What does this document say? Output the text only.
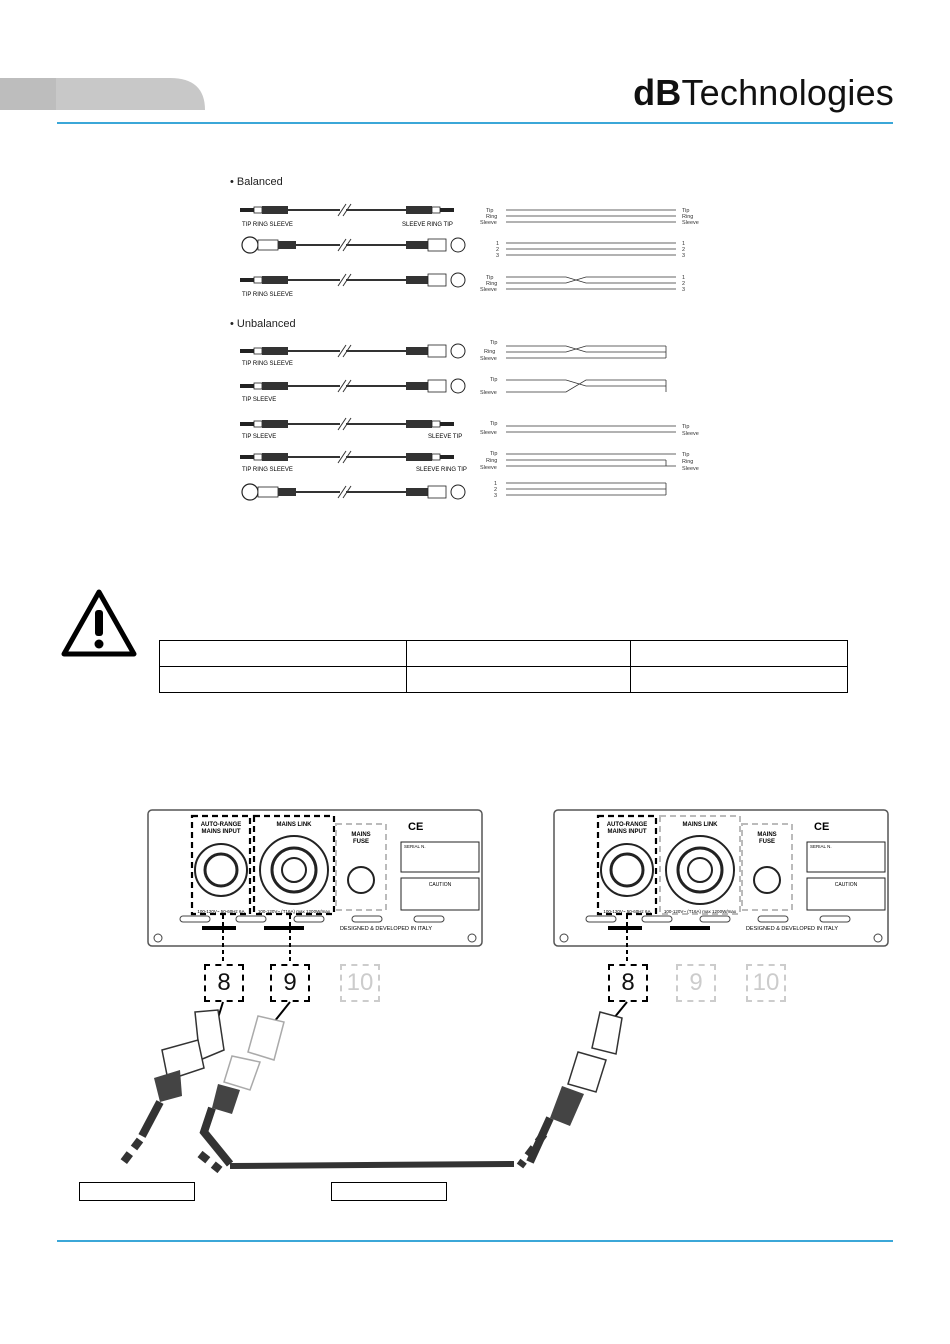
dBTechnologies
• Balanced
• Unbalanced
TIP RING SLEEVE	SLEEVE RING TIP
TIP RING SLEEVE
Tip
Ring
Sleeve
Tip
Ring
Sleeve
1
2
3
1
2
3
Tip
Ring
Sleeve
1
2
3
TIP RING SLEEVE
TIP SLEEVE
TIP SLEEVE	SLEEVE TIP
TIP RING SLEEVE	SLEEVE RING TIP
Tip
Ring
Sleeve
Tip
Sleeve
Tip
Sleeve
Tip
Sleeve
Tip
Ring
Sleeve
Tip
Ring
Sleeve
1
2
3

AUTO-RANGE
MAINS INPUT
MAINS LINK
MAINS
FUSE
SERIAL N.
CAUTION
CE
100-120V~ 50-60Hz 6A	100-120V~ (T16A) max 1200W/max
DESIGNED & DEVELOPED IN ITALY
AUTO-RANGE
MAINS INPUT
MAINS LINK
MAINS
FUSE
SERIAL N.
CAUTION
CE
100-120V~ 50-60Hz 6A	100-120V~ (T16A) max 1200W/max
DESIGNED & DEVELOPED IN ITALY
8	9	10	8	9	10
